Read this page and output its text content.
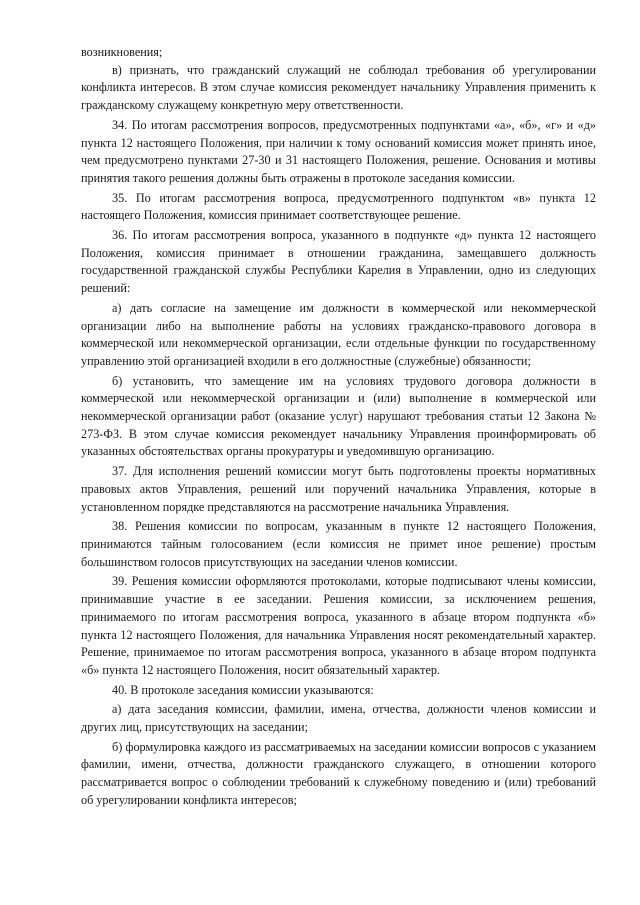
возникновения;

в) признать, что гражданский служащий не соблюдал требования об урегулировании конфликта интересов. В этом случае комиссия рекомендует начальнику Управления применить к гражданскому служащему конкретную меру ответственности.

34. По итогам рассмотрения вопросов, предусмотренных подпунктами «а», «б», «г» и «д» пункта 12 настоящего Положения, при наличии к тому оснований комиссия может принять иное, чем предусмотрено пунктами 27-30 и 31 настоящего Положения, решение. Основания и мотивы принятия такого решения должны быть отражены в протоколе заседания комиссии.

35. По итогам рассмотрения вопроса, предусмотренного подпунктом «в» пункта 12 настоящего Положения, комиссия принимает соответствующее решение.

36. По итогам рассмотрения вопроса, указанного в подпункте «д» пункта 12 настоящего Положения, комиссия принимает в отношении гражданина, замещавшего должность государственной гражданской службы Республики Карелия в Управлении, одно из следующих решений:

а) дать согласие на замещение им должности в коммерческой или некоммерческой организации либо на выполнение работы на условиях гражданско-правового договора в коммерческой или некоммерческой организации, если отдельные функции по государственному управлению этой организацией входили в его должностные (служебные) обязанности;

б) установить, что замещение им на условиях трудового договора должности в коммерческой или некоммерческой организации и (или) выполнение в коммерческой или некоммерческой организации работ (оказание услуг) нарушают требования статьи 12 Закона № 273-ФЗ. В этом случае комиссия рекомендует начальнику Управления проинформировать об указанных обстоятельствах органы прокуратуры и уведомившую организацию.

37. Для исполнения решений комиссии могут быть подготовлены проекты нормативных правовых актов Управления, решений или поручений начальника Управления, которые в установленном порядке представляются на рассмотрение начальника Управления.

38. Решения комиссии по вопросам, указанным в пункте 12 настоящего Положения, принимаются тайным голосованием (если комиссия не примет иное решение) простым большинством голосов присутствующих на заседании членов комиссии.

39. Решения комиссии оформляются протоколами, которые подписывают члены комиссии, принимавшие участие в ее заседании. Решения комиссии, за исключением решения, принимаемого по итогам рассмотрения вопроса, указанного в абзаце втором подпункта «б» пункта 12 настоящего Положения, для начальника Управления носят рекомендательный характер. Решение, принимаемое по итогам рассмотрения вопроса, указанного в абзаце втором подпункта «б» пункта 12 настоящего Положения, носит обязательный характер.

40. В протоколе заседания комиссии указываются:

а) дата заседания комиссии, фамилии, имена, отчества, должности членов комиссии и других лиц, присутствующих на заседании;

б) формулировка каждого из рассматриваемых на заседании комиссии вопросов с указанием фамилии, имени, отчества, должности гражданского служащего, в отношении которого рассматривается вопрос о соблюдении требований к служебному поведению и (или) требований об урегулировании конфликта интересов;
